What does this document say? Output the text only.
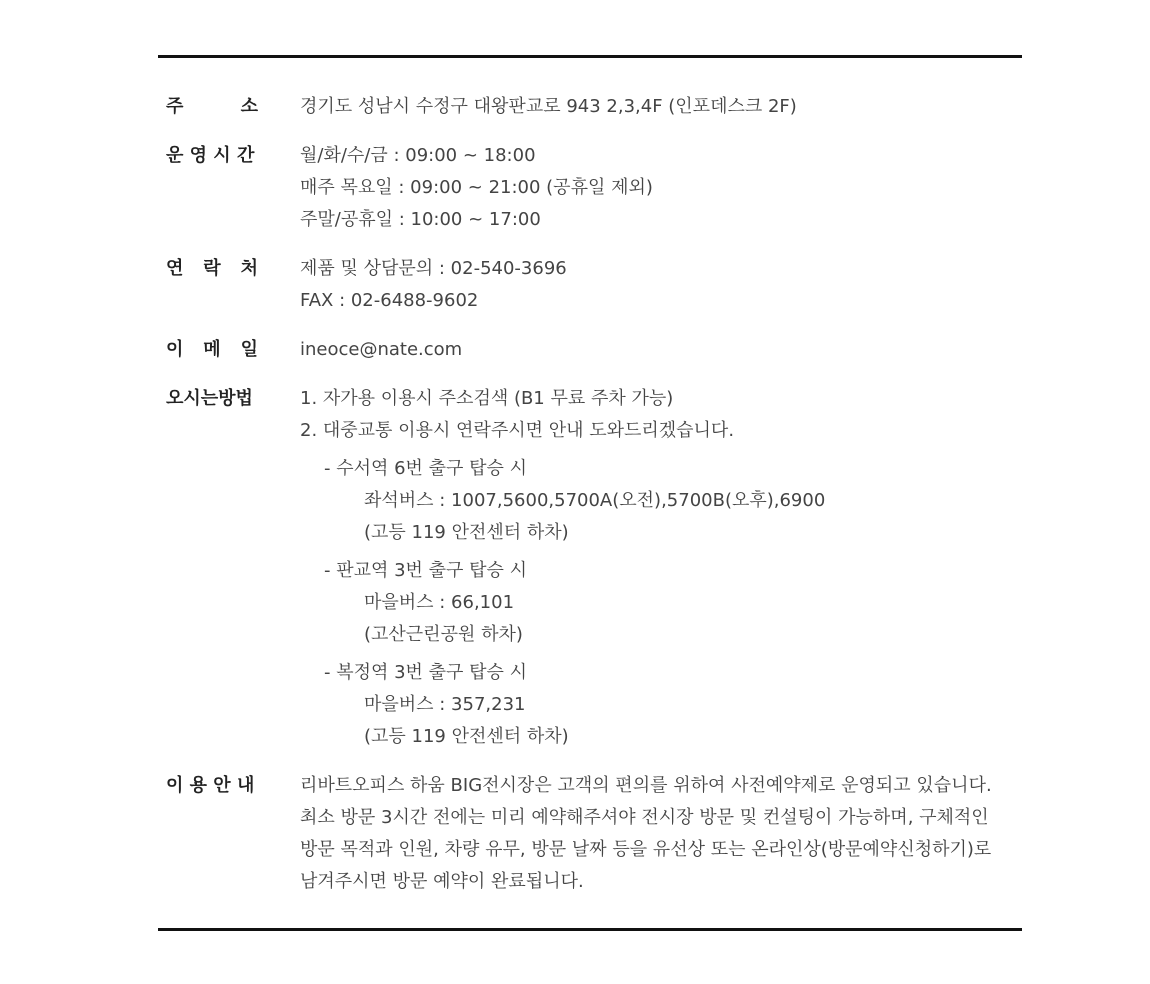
주	소 경기도 성남시 수정구 대왕판교로 943 2,3,4F (인포데스크 2F)
운 영 시 간	월/화/수/금 : 09:00 ~ 18:00
매주 목요일 : 09:00 ~ 21:00 (공휴일 제외)
주말/공휴일 : 10:00 ~ 17:00
연 락 처 제품 및 상담문의 : 02-540-3696
FAX : 02-6488-9602
이 메 일 ineoce@nate.com
오시는방법	1. 자가용 이용시 주소검색 (B1 무료 주차 가능)
2. 대중교통 이용시 연락주시면 안내 도와드리겠습니다.
- 수서역 6번 출구 탑승 시
좌석버스 : 1007,5600,5700A(오전),5700B(오후),6900
(고등 119 안전센터 하차)
- 판교역 3번 출구 탑승 시
마을버스 : 66,101
(고산근린공원 하차)
- 복정역 3번 출구 탑승 시
마을버스 : 357,231
(고등 119 안전센터 하차)
이 용 안 내	리바트오피스 하움 BIG전시장은 고객의 편의를 위하여 사전예약제로 운영되고 있습니다.
최소 방문 3시간 전에는 미리 예약해주셔야 전시장 방문 및 컨설팅이 가능하며, 구체적인
방문 목적과 인원, 차량 유무, 방문 날짜 등을 유선상 또는 온라인상(방문예약신청하기)로
남겨주시면 방문 예약이 완료됩니다.
